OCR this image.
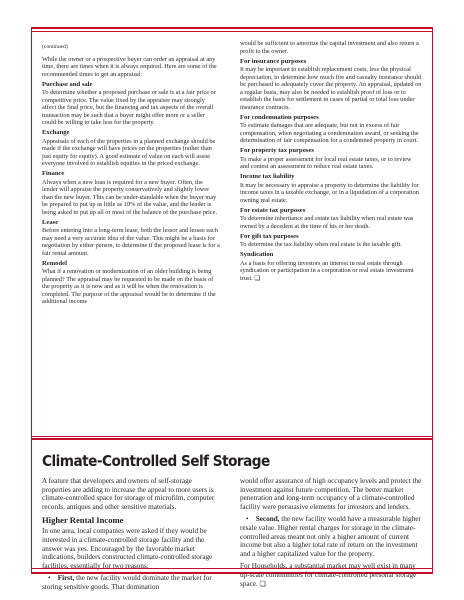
(continued)

While the owner or a prospective buyer can order an appraisal at any time, there are times when it is always required. Here are some of the recommended times to get an appraisal:

Purchase and sale

To determine whether a proposed purchase or sale is at a fair price or competitive price. The value fixed by the appraiser may strongly affect the final price, but the financing and tax aspects of the overall transaction may be such that a buyer might offer more or a seller could be willing to take less for the property.

Exchange

Appraisals of each of the properties in a planned exchange should be made if the exchange will have prices on the properties (rather than just equity for equity). A good estimate of value on each will assist everyone involved to establish equities in the priced exchange.

Finance

Always when a new loan is required for a new buyer. Often, the lender will appraise the property conservatively and slightly lower than the new buyer. This can be under-standable when the buyer may be prepared to put up as little as 10% of the value, and the lender is being asked to put up all or most of the balance of the purchase price.

Lease

Before entering into a long-term lease, both the lessor and lessee each may need a very accurate idea of the value. This might be a basis for negotiation by either person, to determine if the proposed lease is for a fair rental amount.

Remodel

What if a renovation or modernization of an older building is being planned? The appraisal may be requested to be made on the basis of the property as it is now and as it will be when the renovation is completed. The purpose of the appraisal would be to determine if the additional income

would be sufficient to amortize the capital investment and also return a profit to the owner.

For insurance purposes

It may be important to establish replacement costs, less the physical depreciation, to determine how much fire and casualty insurance should be purchased to adequately cover the property. An appraisal, updated on a regular basis, may also be needed to establish proof of loss or to establish the basis for settlement in cases of partial or total loss under insurance contracts.

For condemnation purposes

To estimate damages that are adequate, but not in excess of fair compensation, when negotiating a condemnation award, or seeking the determination of fair compensation for a condemned property in court.

For property tax purposes

To make a proper assessment for local real estate taxes, or to review and contest an assessment to reduce real estate taxes.

Income tax liability

It may be necessary to appraise a property to determine the liability for income taxes in a taxable exchange, or in a liquidation of a corporation owning real estate.

For estate tax purposes

To determine inheritance and estate tax liability when real estate was owned by a decedent at the time of his or her death.

For gift tax purposes

To determine the tax liability when real estate is the taxable gift.

Syndication

As a basis for offering investors an interest in real estate through syndication or participation in a corporation or real estate investment trust. ❏

Climate-Controlled Self Storage

A feature that developers and owners of self-storage properties are adding to increase the appeal to more users is climate-controlled space for storage of microfilm, computer records, antiques and other sensitive materials.

Higher Rental Income

In one area, local companies were asked if they would be interested in a climate-controlled storage facility and the answer was yes. Encouraged by the favorable market indications, builders constructed climate-controlled storage facilities, essentially for two reasons:

•    First, the new facility would dominate the market for storing sensitive goods. That domination

would offer assurance of high occupancy levels and protect the investment against future competition. The better market penetration and long-term occupancy of a climate-controlled facility were persuasive elements for investors and lenders.

•    Second, the new facility would have a measurable higher resale value. Higher rental charges for storage in the climate-controlled areas meant not only a higher amount of current income but also a higher total rate of return on the investment and a higher capitalized value for the property.

For Households, a substantial market may well exist in many up-scale communities for climate-controlled personal storage space. ❏
